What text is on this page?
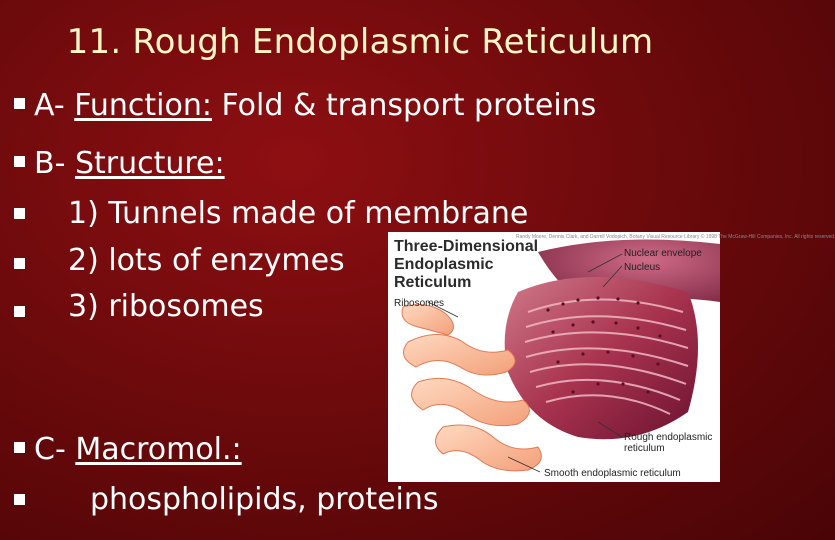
11. Rough Endoplasmic Reticulum
A- Function: Fold & transport proteins
B- Structure:
1) Tunnels made of membrane
2) lots of enzymes
3) ribosomes
C- Macromol.:
phospholipids, proteins
Randy Moore, Dennis Clark, and Darrell Vodopich, Botany Visual Resource Library © 1998 The McGraw-Hill Companies, Inc. All rights reserved.
Three-Dimensional
Endoplasmic
Reticulum
Nuclear envelope
Nucleus
Ribosomes
Rough endoplasmic reticulum
Smooth endoplasmic reticulum
